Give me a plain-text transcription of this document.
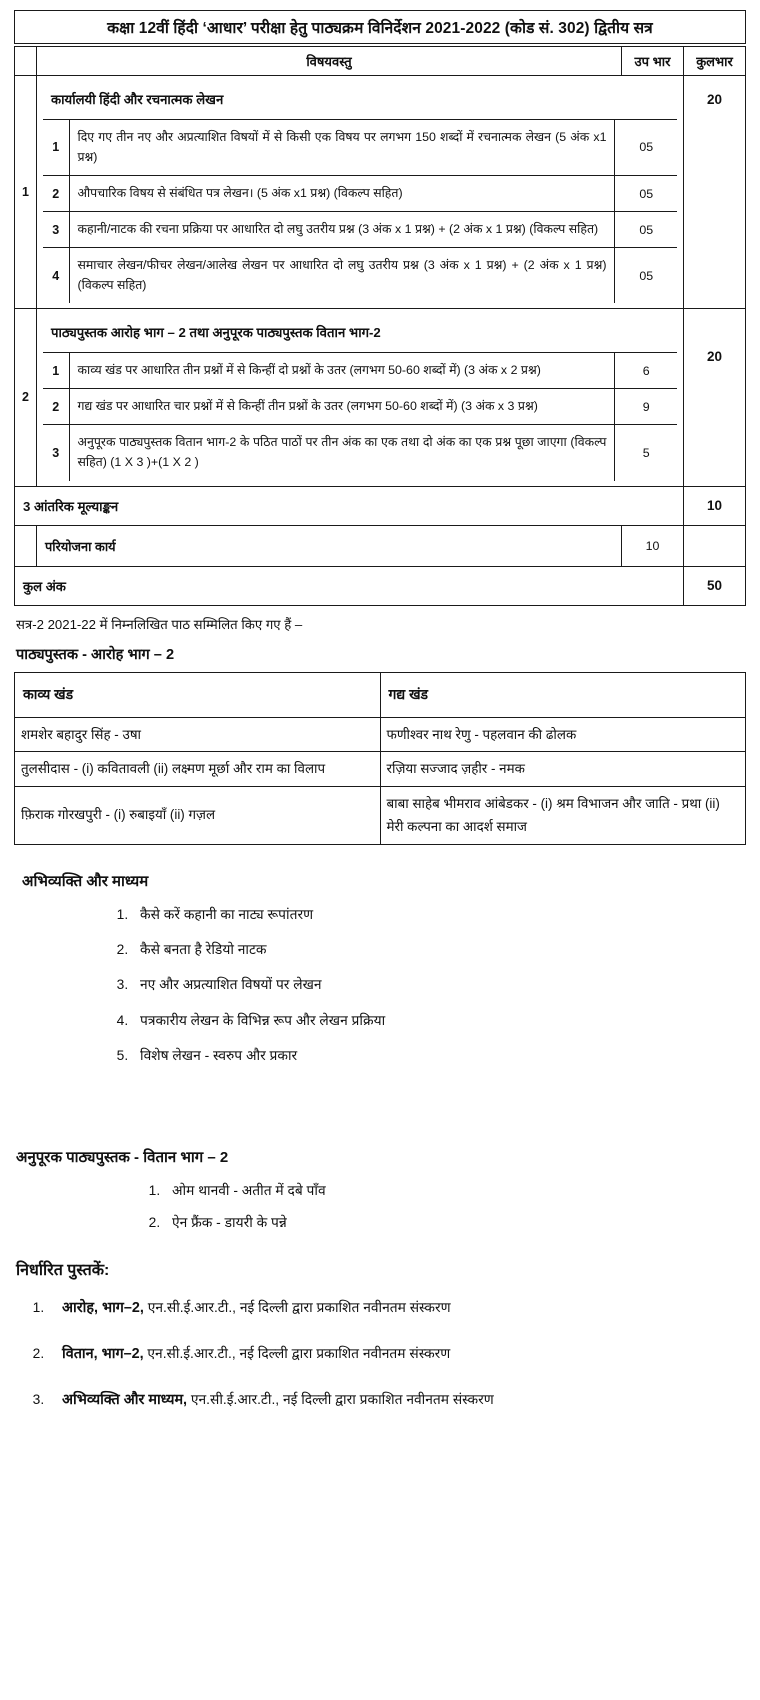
कक्षा 12वीं हिंदी ‘आधार’ परीक्षा हेतु पाठ्यक्रम विनिर्देशन 2021-2022 (कोड सं. 302) द्वितीय सत्र
	विषयवस्तु	उप भार	कुलभार
1	
कार्यालयी हिंदी और रचनात्मक लेखन
1	दिए गए तीन नए और अप्रत्याशित विषयों में से किसी एक विषय पर लगभग 150 शब्दों में रचनात्मक लेखन (5 अंक x1 प्रश्न)	05
2	औपचारिक विषय से संबंधित पत्र लेखन। (5 अंक x1 प्रश्न) (विकल्प सहित)	05
3	कहानी/नाटक की रचना प्रक्रिया पर आधारित दो लघु उतरीय प्रश्न (3 अंक x 1 प्रश्न) + (2 अंक x 1 प्रश्न) (विकल्प सहित)	05
4	समाचार लेखन/फीचर लेखन/आलेख लेखन पर आधारित दो लघु उतरीय प्रश्न (3 अंक x 1 प्रश्न) + (2 अंक x 1 प्रश्न) (विकल्प सहित)	05
	20
2	
पाठ्यपुस्तक आरोह भाग – 2 तथा अनुपूरक पाठ्यपुस्तक वितान भाग-2
1	काव्य खंड पर आधारित तीन प्रश्नों में से किन्हीं दो प्रश्नों के उतर (लगभग 50-60 शब्दों में) (3 अंक x 2 प्रश्न)	6
2	गद्य खंड पर आधारित चार प्रश्नों में से किन्हीं तीन प्रश्नों के उतर (लगभग 50-60 शब्दों में) (3 अंक x 3 प्रश्न)	9
3	अनुपूरक पाठ्यपुस्तक वितान भाग-2 के पठित पाठों पर तीन अंक का एक तथा दो अंक का एक प्रश्न पूछा जाएगा (विकल्प सहित) (1 X 3 )+(1 X 2 )	5
	20
3 आंतरिक मूल्याङ्कन	10
	परियोजना कार्य	10	
कुल अंक	50
सत्र-2 2021-22 में निम्नलिखित पाठ सम्मिलित किए गए हैं –
पाठ्यपुस्तक - आरोह भाग – 2
काव्य खंड	गद्य खंड
शमशेर बहादुर सिंह - उषा	फणीश्वर नाथ रेणु - पहलवान की ढोलक
तुलसीदास - (i) कवितावली (ii) लक्ष्मण मूर्छा और राम का विलाप	रज़िया सज्जाद ज़हीर - नमक
फ़िराक गोरखपुरी - (i) रुबाइयाँ (ii) गज़ल	बाबा साहेब भीमराव आंबेडकर - (i) श्रम विभाजन और जाति - प्रथा (ii) मेरी कल्पना का आदर्श समाज
अभिव्यक्ति और माध्यम
1. कैसे करें कहानी का नाट्य रूपांतरण
2. कैसे बनता है रेडियो नाटक
3. नए और अप्रत्याशित विषयों पर लेखन
4. पत्रकारीय लेखन के विभिन्न रूप और लेखन प्रक्रिया
5. विशेष लेखन - स्वरुप और प्रकार
अनुपूरक पाठ्यपुस्तक - वितान भाग – 2
1. ओम थानवी - अतीत में दबे पाँव
2. ऐन फ्रैंक - डायरी के पन्ने
निर्धारित पुस्तकें:
1. आरोह, भाग–2, एन.सी.ई.आर.टी., नई दिल्ली द्वारा प्रकाशित नवीनतम संस्करण
2. वितान, भाग–2, एन.सी.ई.आर.टी., नई दिल्ली द्वारा प्रकाशित नवीनतम संस्करण
3. अभिव्यक्ति और माध्यम, एन.सी.ई.आर.टी., नई दिल्ली द्वारा प्रकाशित नवीनतम संस्करण
